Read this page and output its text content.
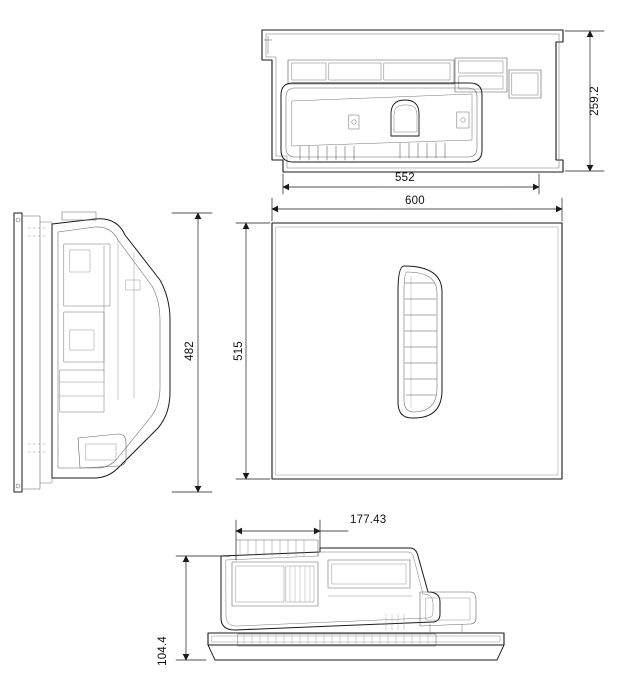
259.2
552
482
600
515
177.43
104.4
